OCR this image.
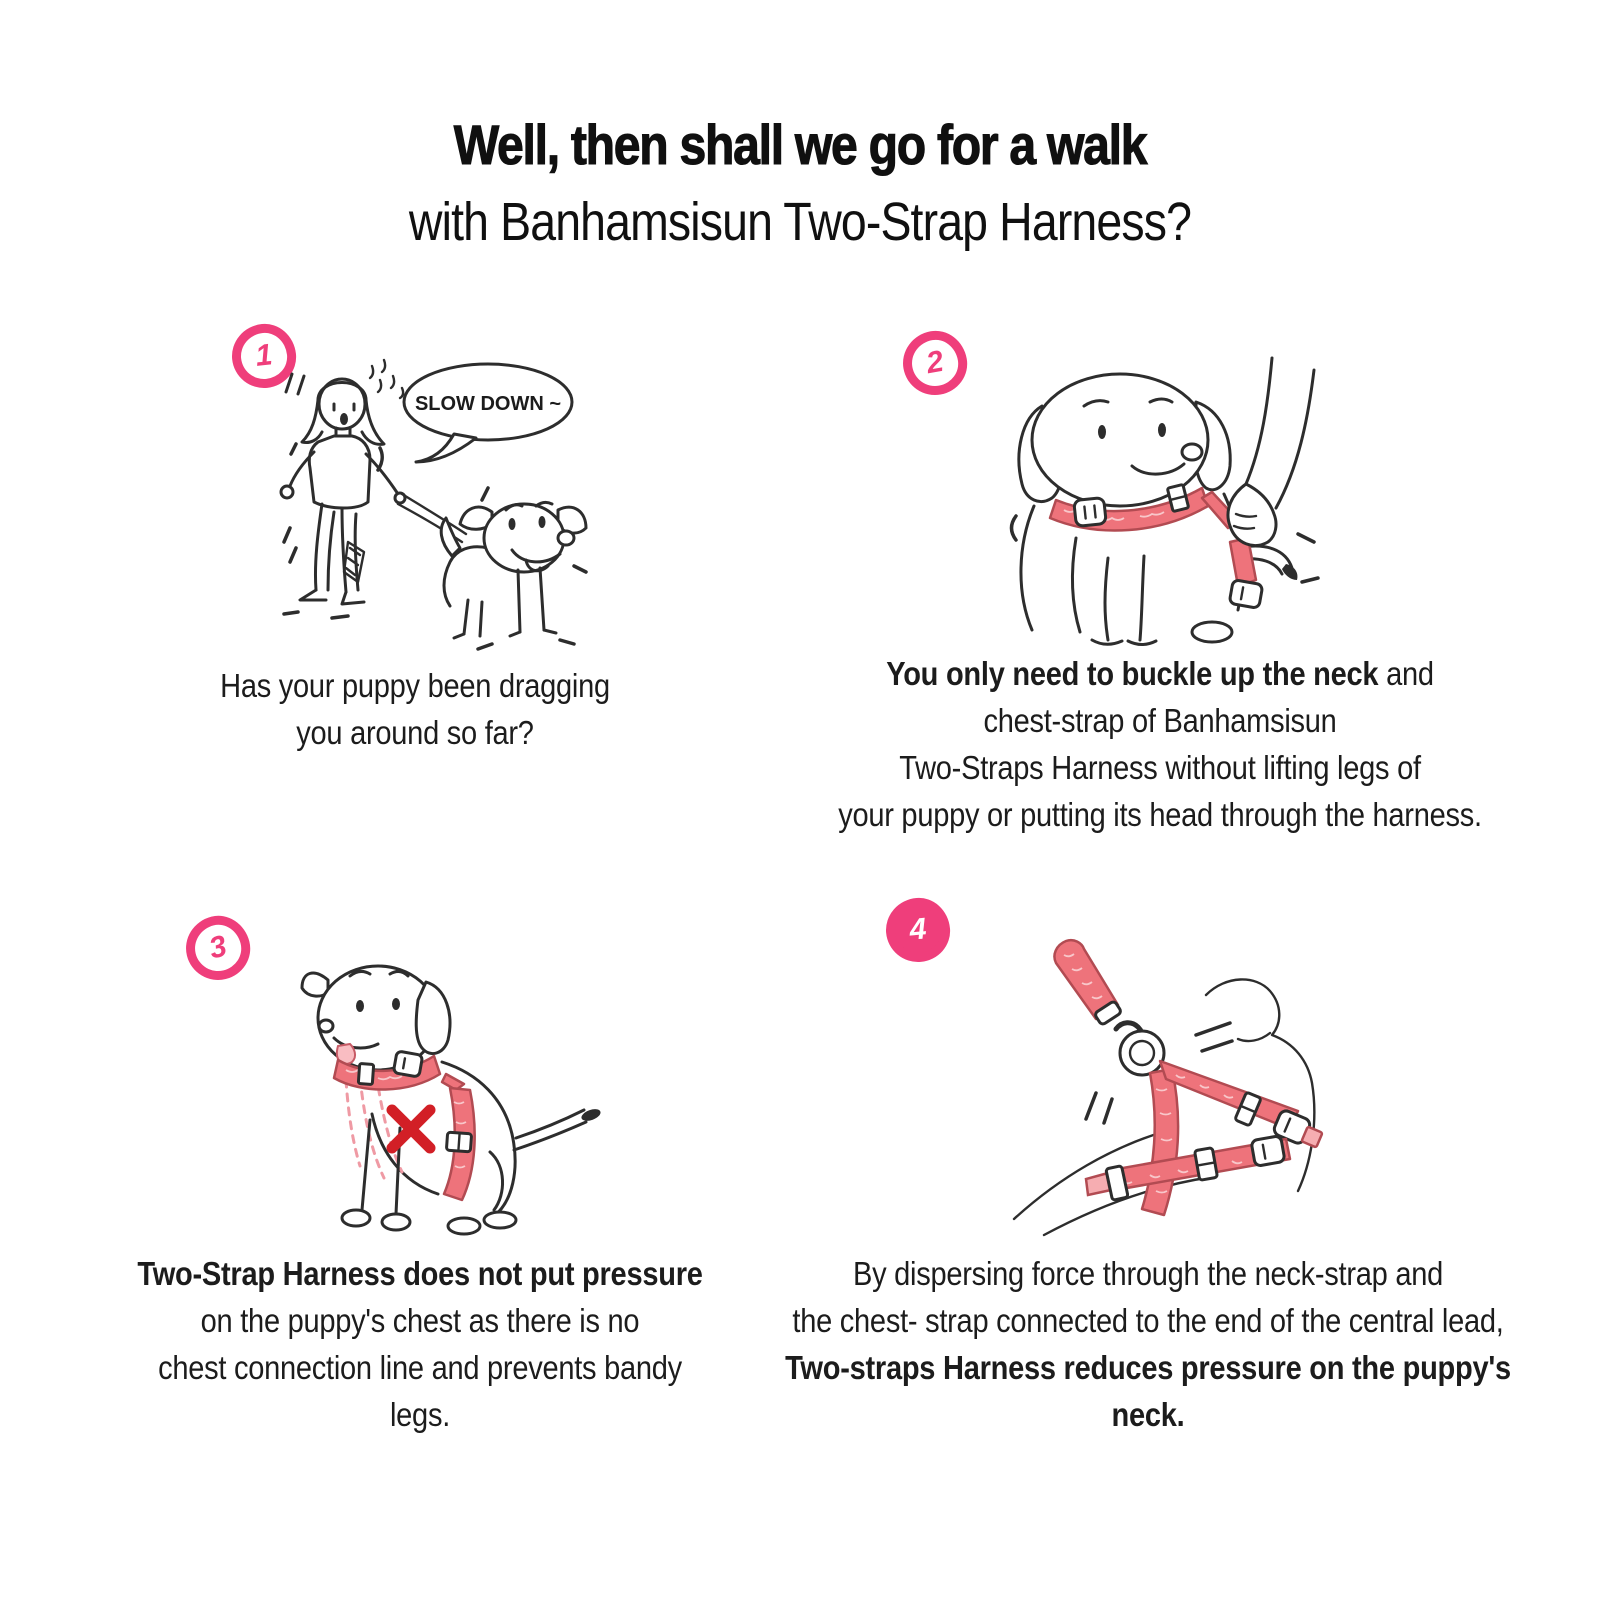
Well, then shall we go for a walk
with Banhamsisun Two-Strap Harness?
1	2
3	4
SLOW DOWN ~
Has your puppy been dragging
you around so far?
You only need to buckle up the neck and
chest-strap of Banhamsisun
Two-Straps Harness without lifting legs of
your puppy or putting its head through the harness.
Two-Strap Harness does not put pressure
on the puppy's chest as there is no
chest connection line and prevents bandy legs.
By dispersing force through the neck-strap and
the chest- strap connected to the end of the central lead,
Two-straps Harness reduces pressure on the puppy's neck.
